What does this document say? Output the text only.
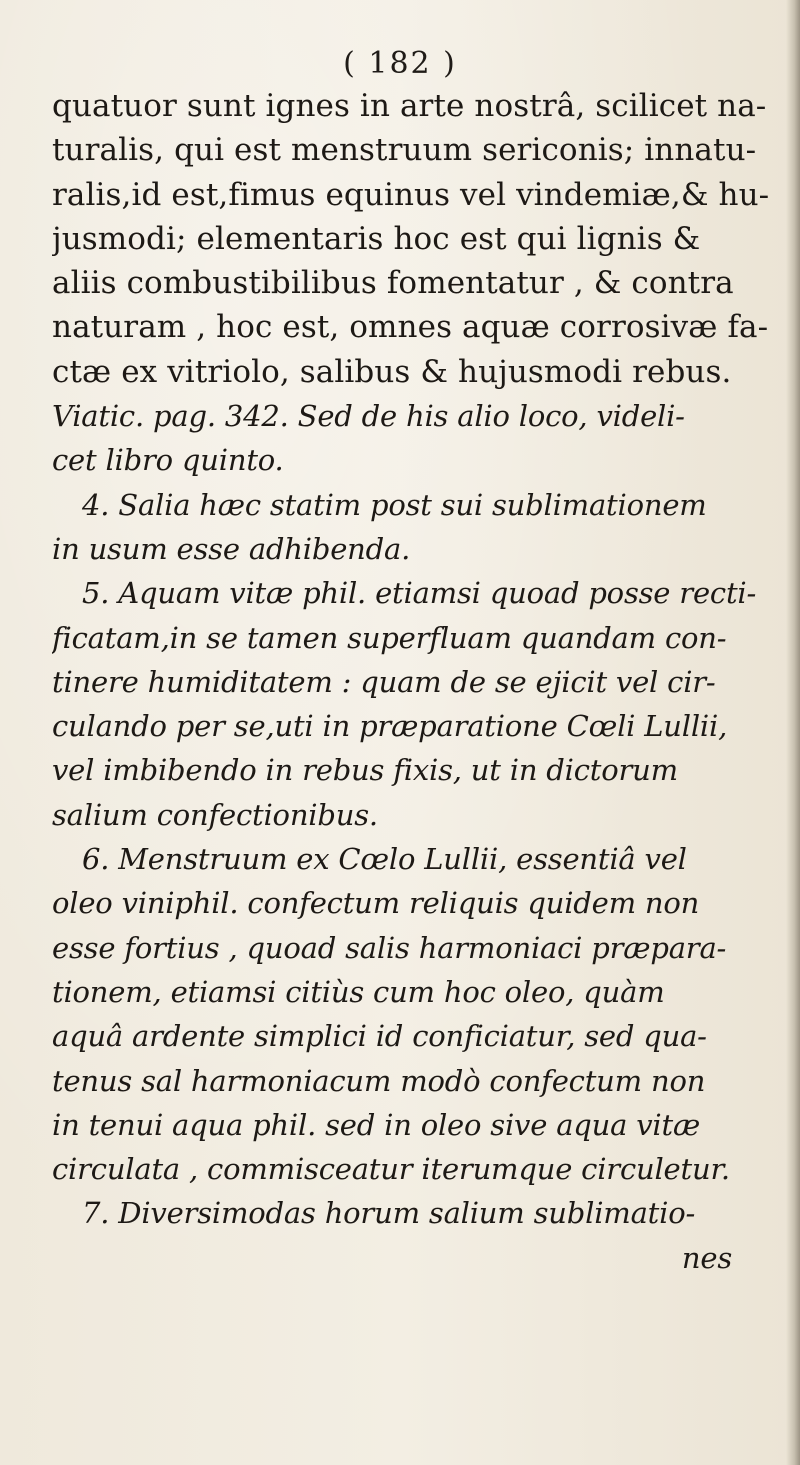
( 182 )
quatuor sunt ignes in arte nostrâ, scilicet na-
turalis, qui est menstruum sericonis; innatu-
ralis,id est,fimus equinus vel vindemiæ,& hu-
jusmodi; elementaris hoc est qui lignis &
aliis combustibilibus fomentatur , & contra
naturam , hoc est, omnes aquæ corrosivæ fa-
ctæ ex vitriolo, salibus & hujusmodi rebus.
Viatic. pag. 342. Sed de his alio loco, videli-
cet libro quinto.
4. Salia hæc statim post sui sublimationem
in usum esse adhibenda.
5. Aquam vitæ phil. etiamsi quoad posse recti-
ficatam,in se tamen superfluam quandam con-
tinere humiditatem : quam de se ejicit vel cir-
culando per se,uti in præparatione Cœli Lullii,
vel imbibendo in rebus fixis, ut in dictorum
salium confectionibus.
6. Menstruum ex Cœlo Lullii, essentiâ vel
oleo viniphil. confectum reliquis quidem non
esse fortius , quoad salis harmoniaci præpara-
tionem, etiamsi citiùs cum hoc oleo, quàm
aquâ ardente simplici id conficiatur, sed qua-
tenus sal harmoniacum modò confectum non
in tenui aqua phil. sed in oleo sive aqua vitæ
circulata , commisceatur iterumque circuletur.
7. Diversimodas horum salium sublimatio-
nes
